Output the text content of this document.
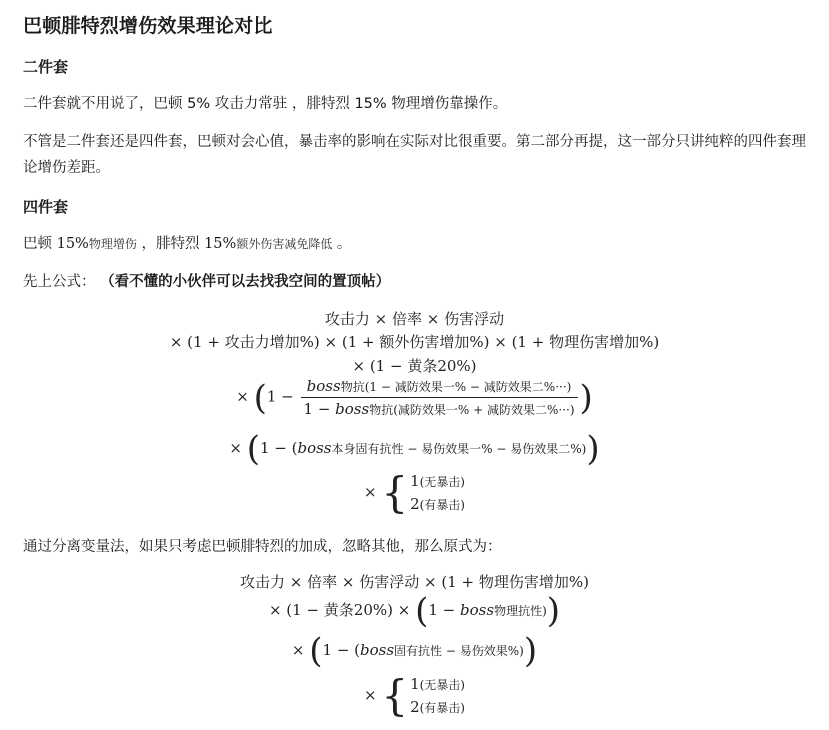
巴顿腓特烈增伤效果理论对比
二件套
二件套就不用说了，巴顿 5% 攻击力常驻 ，腓特烈 15% 物理增伤靠操作。
不管是二件套还是四件套，巴顿对会心值，暴击率的影响在实际对比很重要。第二部分再提，这一部分只讲纯粹的四件套理论增伤差距。
四件套
巴顿 15%物理增伤 ，腓特烈 15%额外伤害减免降低 。
先上公式： （看不懂的小伙伴可以去找我空间的置顶帖）
攻击力 × 倍率 × 伤害浮动
× (1 + 攻击力增加%) × (1 + 额外伤害增加%) × (1 + 物理伤害增加%)
× (1 − 黄条20%)
× ($1 - \frac{\text{boss物抗(1 − 减防效果一\% − 减防效果二\%···)}}{\text{1 − boss物抗(减防效果一\% + 减防效果二\%···)}}$ )
× (1 − (boss本身固有抗性 − 易伤效果一% − 易伤效果二%))
× { 1(无暴击)
2(有暴击)
通过分离变量法，如果只考虑巴顿腓特烈的加成，忽略其他，那么原式为：
攻击力 × 倍率 × 伤害浮动 × (1 + 物理伤害增加%)
× (1 − 黄条20%) × (1 − boss物理抗性))
× (1 − (boss固有抗性 − 易伤效果%))
× { 1(无暴击)
2(有暴击)
